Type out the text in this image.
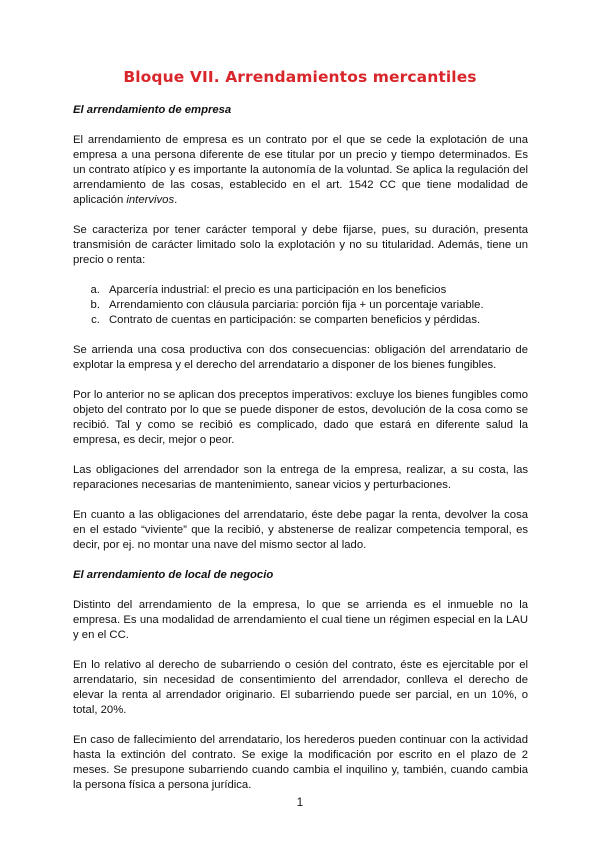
Bloque VII. Arrendamientos mercantiles
El arrendamiento de empresa

El arrendamiento de empresa es un contrato por el que se cede la explotación de una empresa a una persona diferente de ese titular por un precio y tiempo determinados. Es un contrato atípico y es importante la autonomía de la voluntad. Se aplica la regulación del arrendamiento de las cosas, establecido en el art. 1542 CC que tiene modalidad de aplicación intervivos.

Se caracteriza por tener carácter temporal y debe fijarse, pues, su duración, presenta transmisión de carácter limitado solo la explotación y no su titularidad. Además, tiene un precio o renta:

a. Aparcería industrial: el precio es una participación en los beneficios
b. Arrendamiento con cláusula parciaria: porción fija + un porcentaje variable.
c. Contrato de cuentas en participación: se comparten beneficios y pérdidas.

Se arrienda una cosa productiva con dos consecuencias: obligación del arrendatario de explotar la empresa y el derecho del arrendatario a disponer de los bienes fungibles.

Por lo anterior no se aplican dos preceptos imperativos: excluye los bienes fungibles como objeto del contrato por lo que se puede disponer de estos, devolución de la cosa como se recibió. Tal y como se recibió es complicado, dado que estará en diferente salud la empresa, es decir, mejor o peor.

Las obligaciones del arrendador son la entrega de la empresa, realizar, a su costa, las reparaciones necesarias de mantenimiento, sanear vicios y perturbaciones.

En cuanto a las obligaciones del arrendatario, éste debe pagar la renta, devolver la cosa en el estado “viviente” que la recibió, y abstenerse de realizar competencia temporal, es decir, por ej. no montar una nave del mismo sector al lado.

El arrendamiento de local de negocio

Distinto del arrendamiento de la empresa, lo que se arrienda es el inmueble no la empresa. Es una modalidad de arrendamiento el cual tiene un régimen especial en la LAU y en el CC.

En lo relativo al derecho de subarriendo o cesión del contrato, éste es ejercitable por el arrendatario, sin necesidad de consentimiento del arrendador, conlleva el derecho de elevar la renta al arrendador originario. El subarriendo puede ser parcial, en un 10%, o total, 20%.

En caso de fallecimiento del arrendatario, los herederos pueden continuar con la actividad hasta la extinción del contrato. Se exige la modificación por escrito en el plazo de 2 meses. Se presupone subarriendo cuando cambia el inquilino y, también, cuando cambia la persona física a persona jurídica.

1
